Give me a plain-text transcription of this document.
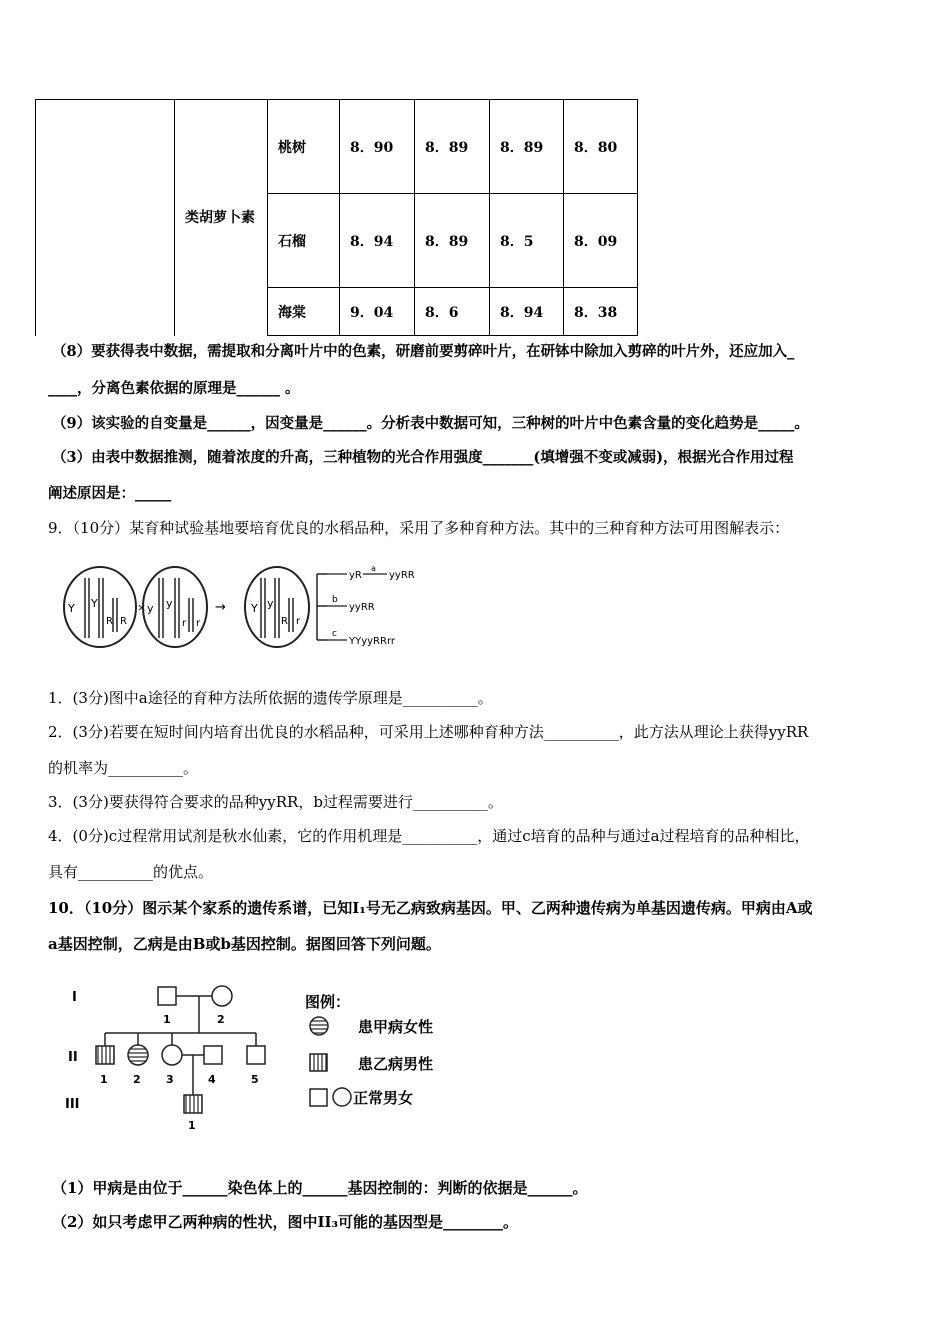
	类胡萝卜素	桃树	8．90	8．89	8．89	8．80
		石榴	8．94	8．89	8．5	8．09
		海棠	9．04	8．6	8．94	8．38
（8）要获得表中数据，需提取和分离叶片中的色素，研磨前要剪碎叶片，在研钵中除加入剪碎的叶片外，还应加入_
____，分离色素依据的原理是______ 。
（9）该实验的自变量是______，因变量是______。分析表中数据可知，三种树的叶片中色素含量的变化趋势是_____。
（3）由表中数据推测，随着浓度的升高，三种植物的光合作用强度_______(填增强不变或减弱)，根据光合作用过程
阐述原因是：_____
9．（10分）某育种试验基地要培育优良的水稻品种，采用了多种育种方法。其中的三种育种方法可用图解表示：
Y Y
R R
× y y
r r
→ Y y
R r
yR
a
yyRR
b
yyRR
c
YYyyRRrr
1．(3分)图中a途径的育种方法所依据的遗传学原理是__________。
2．(3分)若要在短时间内培育出优良的水稻品种，可采用上述哪种育种方法__________，此方法从理论上获得yyRR
的机率为__________。
3．(3分)要获得符合要求的品种yyRR，b过程需要进行__________。
4．(0分)c过程常用试剂是秋水仙素，它的作用机理是__________，通过c培育的品种与通过a过程培育的品种相比，
具有__________的优点。
10．（10分）图示某个家系的遗传系谱，已知Ⅰ₁号无乙病致病基因。甲、乙两种遗传病为单基因遗传病。甲病由A或
a基因控制，乙病是由B或b基因控制。据图回答下列问题。
I
II
III
1	2
1 2 3	4	5
1
图例：
患甲病女性
患乙病男性
正常男女
（1）甲病是由位于______染色体上的______基因控制的：判断的依据是______。
（2）如只考虑甲乙两种病的性状，图中II₃可能的基因型是________。
